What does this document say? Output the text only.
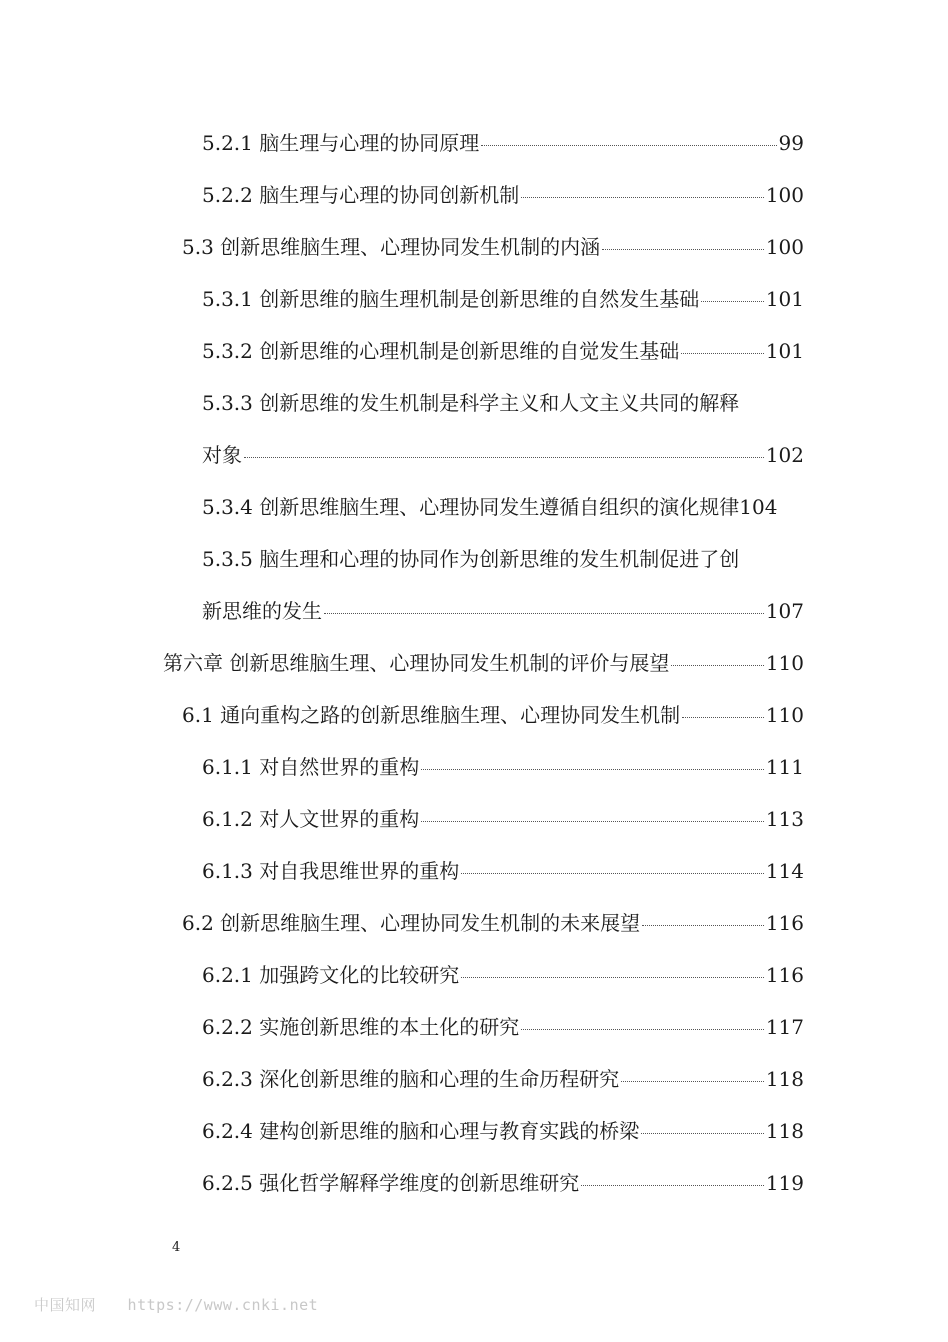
5.2.1 脑生理与心理的协同原理	99
5.2.2 脑生理与心理的协同创新机制	100
5.3 创新思维脑生理、心理协同发生机制的内涵	100
5.3.1 创新思维的脑生理机制是创新思维的自然发生基础	101
5.3.2 创新思维的心理机制是创新思维的自觉发生基础	101
5.3.3 创新思维的发生机制是科学主义和人文主义共同的解释
对象	102
5.3.4 创新思维脑生理、心理协同发生遵循自组织的演化规律 104
5.3.5 脑生理和心理的协同作为创新思维的发生机制促进了创
新思维的发生	107
第六章 创新思维脑生理、心理协同发生机制的评价与展望	110
6.1 通向重构之路的创新思维脑生理、心理协同发生机制	110
6.1.1 对自然世界的重构	111
6.1.2 对人文世界的重构	113
6.1.3 对自我思维世界的重构	114
6.2 创新思维脑生理、心理协同发生机制的未来展望	116
6.2.1 加强跨文化的比较研究	116
6.2.2 实施创新思维的本土化的研究	117
6.2.3 深化创新思维的脑和心理的生命历程研究	118
6.2.4 建构创新思维的脑和心理与教育实践的桥梁	118
6.2.5 强化哲学解释学维度的创新思维研究	119
4
中国知网 https://www.cnki.net
